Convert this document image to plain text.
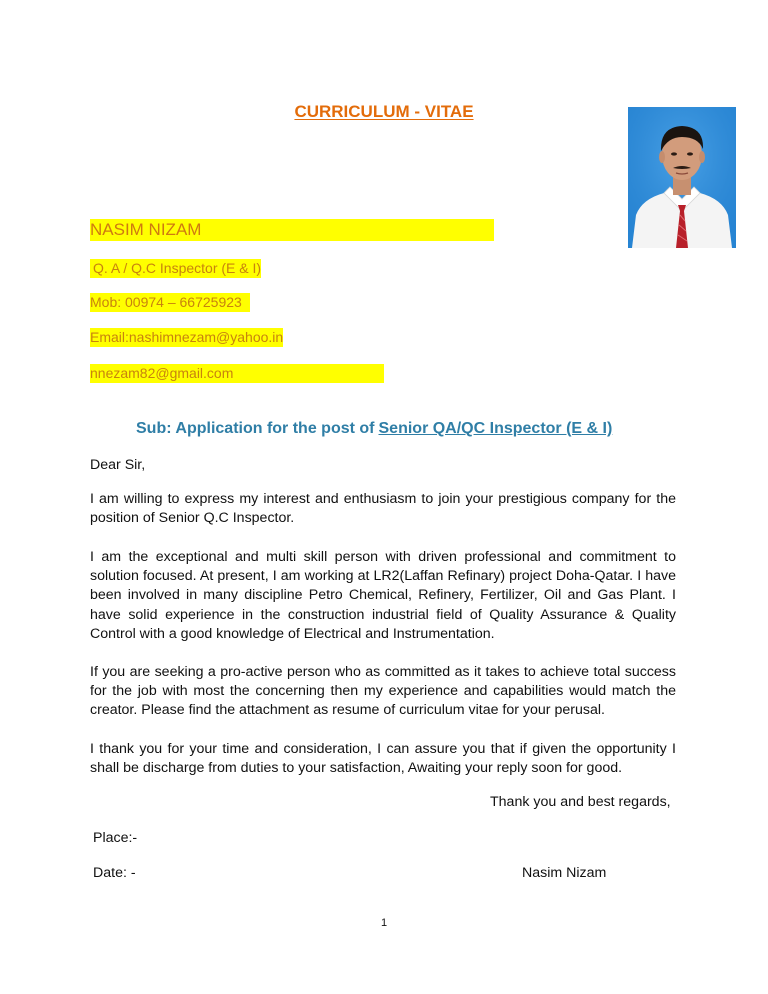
CURRICULUM - VITAE
NASIM NIZAM
Q. A / Q.C Inspector (E & I)
Mob: 00974 – 66725923
Email:nashimnezam@yahoo.in
nnezam82@gmail.com
Sub: Application for the post of Senior QA/QC Inspector (E & I)

Dear Sir,

I am willing to express my interest and enthusiasm to join your prestigious company for the position of Senior Q.C Inspector.

I am the exceptional and multi skill person with driven professional and commitment to solution focused. At present, I am working at LR2(Laffan Refinary) project Doha-Qatar. I have been involved in many discipline Petro Chemical, Refinery, Fertilizer, Oil and Gas Plant. I have solid experience in the construction industrial field of Quality Assurance & Quality Control with a good knowledge of Electrical and Instrumentation.

If you are seeking a pro-active person who as committed as it takes to achieve total success for the job with most the concerning then my experience and capabilities would match the creator. Please find the attachment as resume of curriculum vitae for your perusal.

I thank you for your time and consideration, I can assure you that if given the opportunity I shall be discharge from duties to your satisfaction, Awaiting your reply soon for good.

Thank you and best regards,
Place:-
Date: -	Nasim Nizam
1
